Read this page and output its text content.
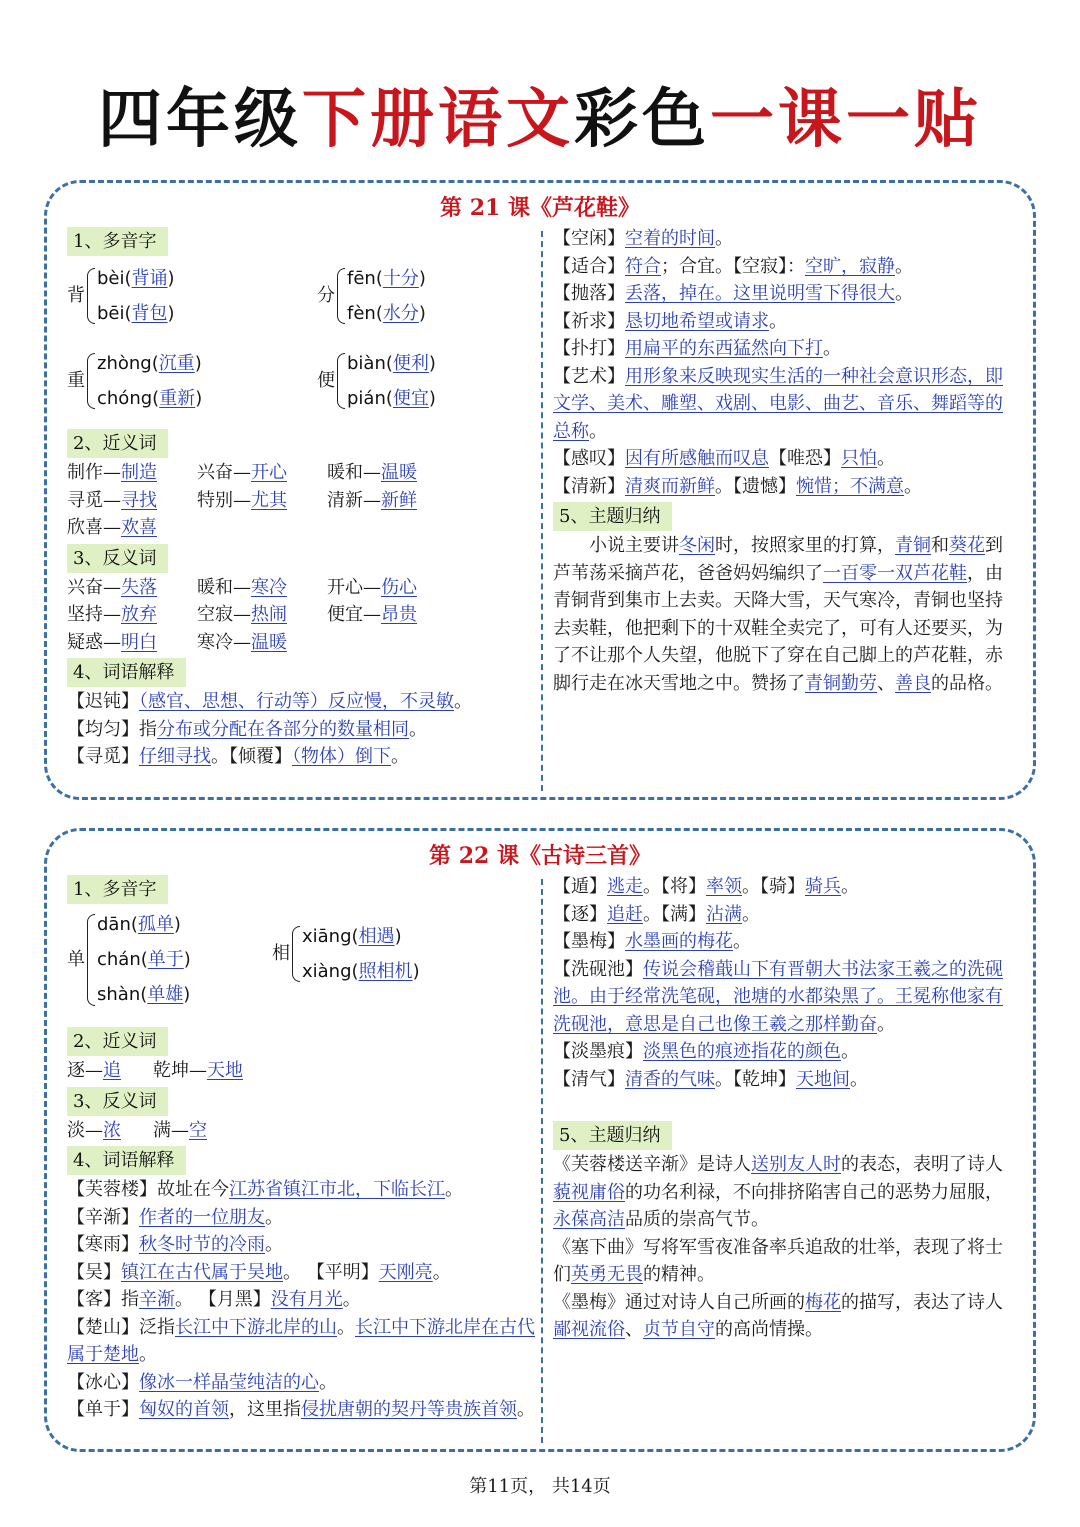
四年级下册语文彩色一课一贴
第 21 课《芦花鞋》
1、多音字
背
bèi(背诵)
bēi(背包)
分
fēn(十分)
fèn(水分)
重
zhòng(沉重)
chóng(重新)
便
biàn(便利)
pián(便宜)
2、近义词
制作—制造	兴奋—开心	暖和—温暖
寻觅—寻找	特别—尤其	清新—新鲜
欣喜—欢喜
3、反义词
兴奋—失落	暖和—寒冷	开心—伤心
坚持—放弃	空寂—热闹	便宜—昂贵
疑惑—明白	寒冷—温暖
4、词语解释
【迟钝】（感官、思想、行动等）反应慢，不灵敏。
【均匀】指分布或分配在各部分的数量相同。
【寻觅】仔细寻找。【倾覆】（物体）倒下。
【空闲】空着的时间。
【适合】符合；合宜。【空寂】：空旷，寂静。
【抛落】丢落，掉在。这里说明雪下得很大。
【祈求】恳切地希望或请求。
【扑打】用扁平的东西猛然向下打。
【艺术】用形象来反映现实生活的一种社会意识形态，即文学、美术、雕塑、戏剧、电影、曲艺、音乐、舞蹈等的总称。
【感叹】因有所感触而叹息【唯恐】只怕。
【清新】清爽而新鲜。【遗憾】惋惜；不满意。
5、主题归纳
小说主要讲冬闲时，按照家里的打算，青铜和葵花到芦苇荡采摘芦花，爸爸妈妈编织了一百零一双芦花鞋，由青铜背到集市上去卖。天降大雪，天气寒冷，青铜也坚持去卖鞋，他把剩下的十双鞋全卖完了，可有人还要买，为了不让那个人失望，他脱下了穿在自己脚上的芦花鞋，赤脚行走在冰天雪地之中。赞扬了青铜勤劳、善良的品格。
第 22 课《古诗三首》
1、多音字
单
dān(孤单)
chán(单于)
shàn(单雄)
相
xiāng(相遇)
xiàng(照相机)
2、近义词
逐—追	乾坤—天地
3、反义词
淡—浓	满—空
4、词语解释
【芙蓉楼】故址在今江苏省镇江市北，下临长江。
【辛渐】作者的一位朋友。
【寒雨】秋冬时节的冷雨。
【吴】镇江在古代属于吴地。 【平明】天刚亮。
【客】指辛渐。 【月黑】没有月光。
【楚山】泛指长江中下游北岸的山。长江中下游北岸在古代属于楚地。
【冰心】像冰一样晶莹纯洁的心。
【单于】匈奴的首领，这里指侵扰唐朝的契丹等贵族首领。
【遁】逃走。【将】率领。【骑】骑兵。
【逐】追赶。【满】沾满。
【墨梅】水墨画的梅花。
【洗砚池】传说会稽蕺山下有晋朝大书法家王羲之的洗砚池。由于经常洗笔砚，池塘的水都染黑了。王冕称他家有洗砚池，意思是自己也像王羲之那样勤奋。
【淡墨痕】淡黑色的痕迹指花的颜色。
【清气】清香的气味。【乾坤】天地间。
5、主题归纳
《芙蓉楼送辛渐》是诗人送别友人时的表态，表明了诗人藐视庸俗的功名利禄，不向排挤陷害自己的恶势力屈服，永葆高洁品质的崇高气节。
《塞下曲》写将军雪夜准备率兵追敌的壮举，表现了将士们英勇无畏的精神。
《墨梅》通过对诗人自己所画的梅花的描写，表达了诗人鄙视流俗、贞节自守的高尚情操。
第11页， 共14页
